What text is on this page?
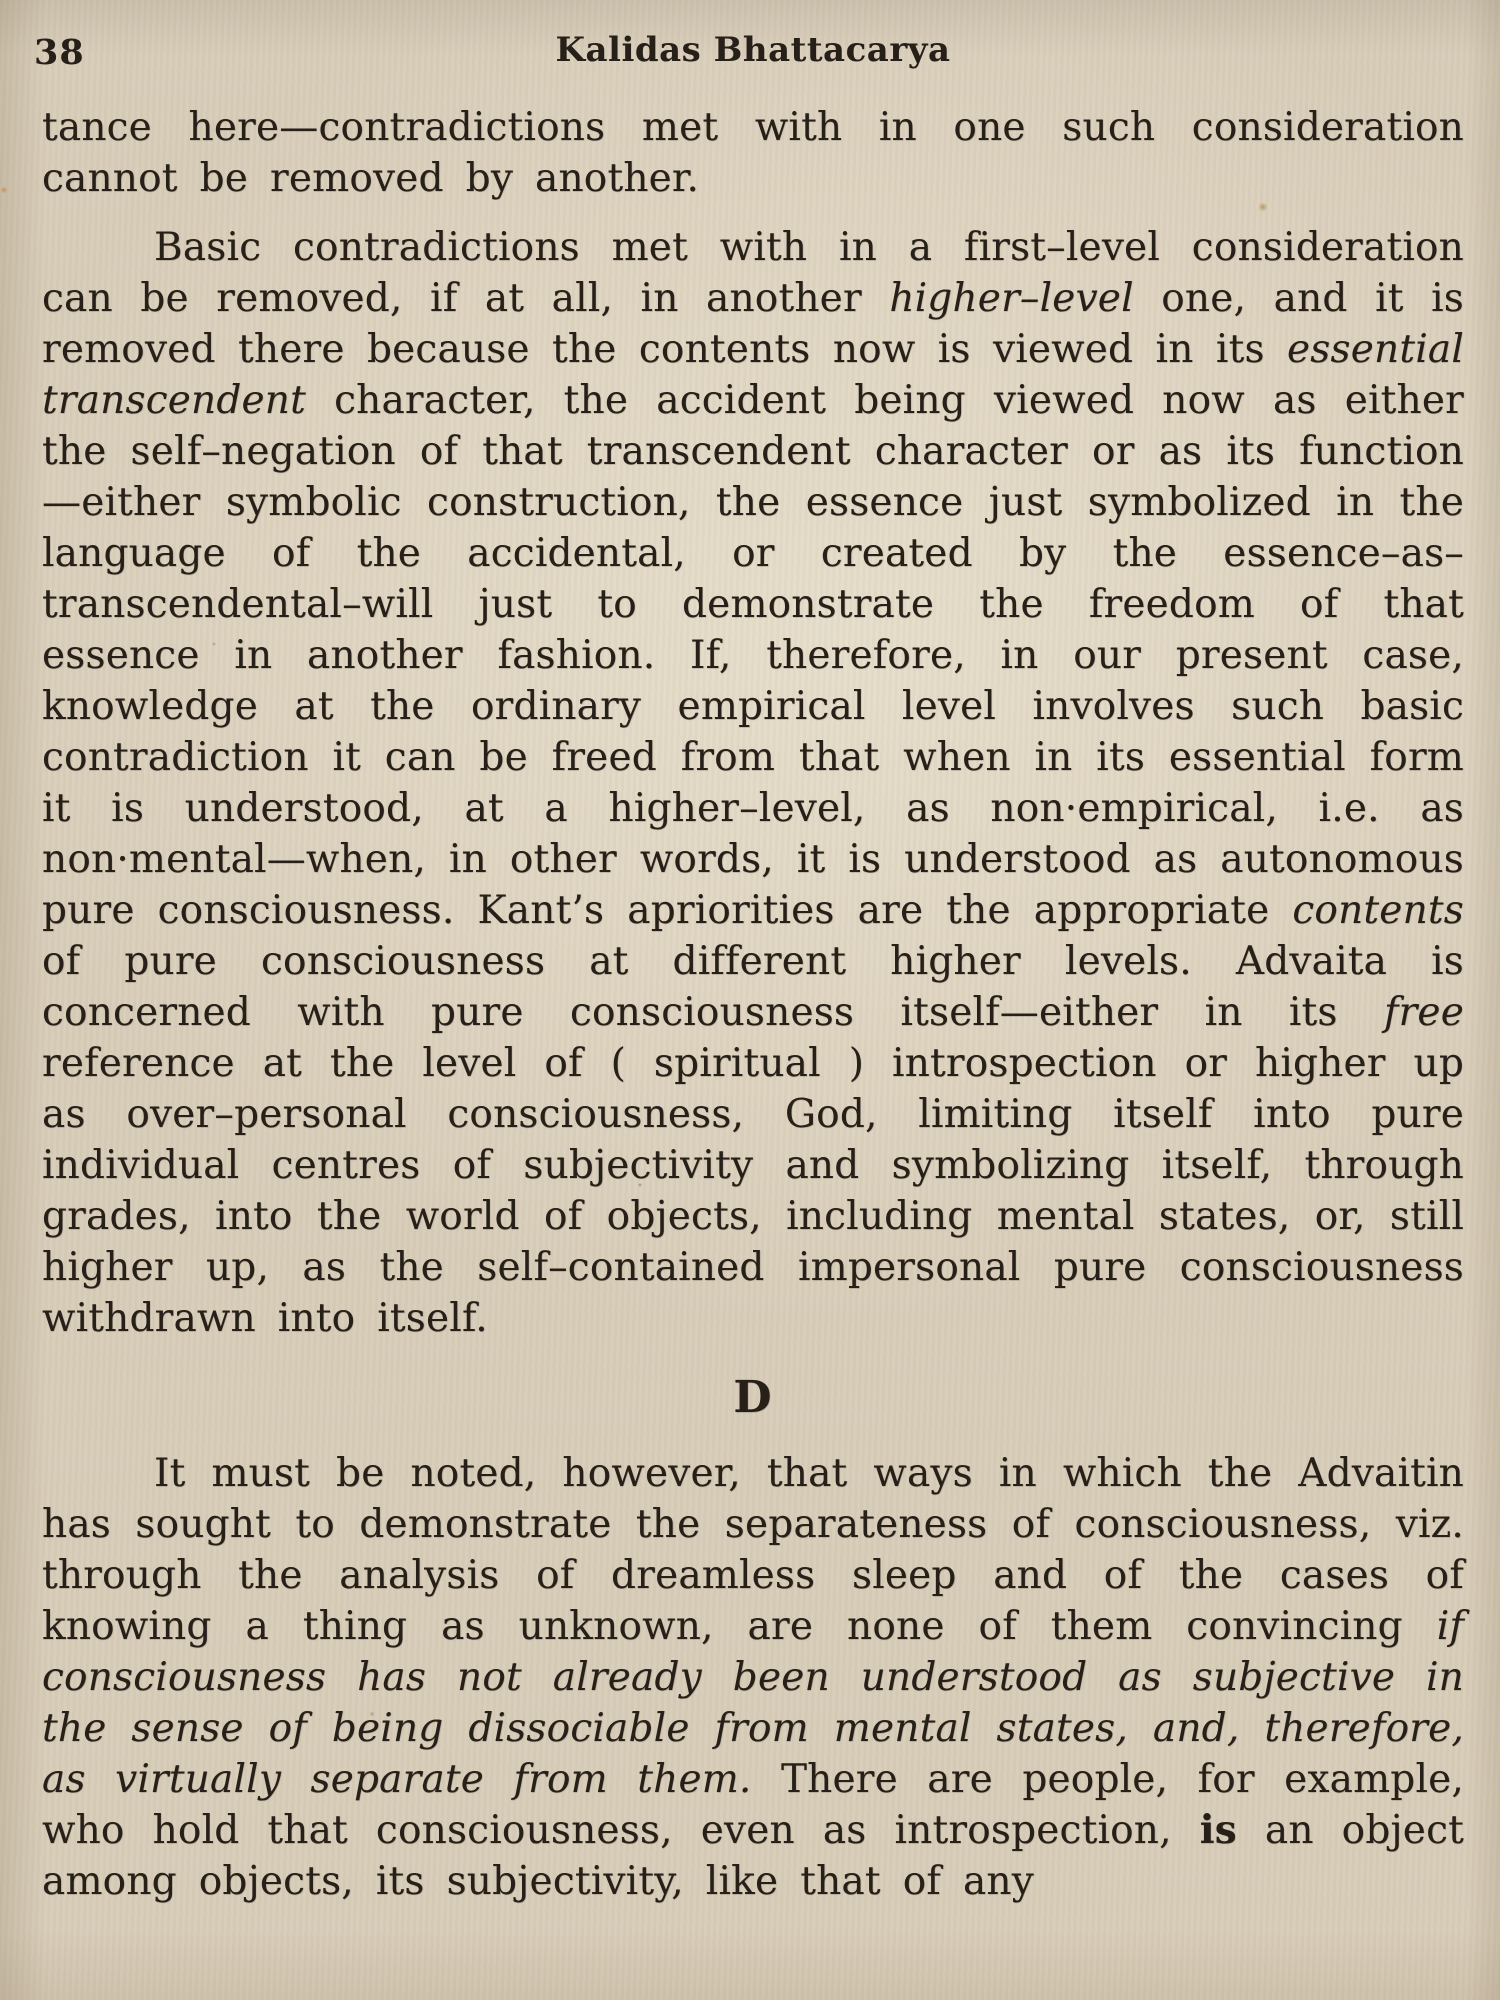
38	Kalidas Bhattacarya

tance here—contradictions met with in one such consideration cannot be removed by another.

Basic contradictions met with in a first–level consideration can be removed, if at all, in another higher–level one, and it is removed there because the contents now is viewed in its essential transcendent character, the accident being viewed now as either the self–negation of that transcendent character or as its function—either symbolic construction, the essence just symbolized in the language of the accidental, or created by the essence–as–transcendental–will just to demonstrate the freedom of that essence in another fashion. If, therefore, in our present case, knowledge at the ordinary empirical level involves such basic contradiction it can be freed from that when in its essential form it is understood, at a higher–level, as non·empirical, i.e. as non·mental—when, in other words, it is understood as autonomous pure consciousness. Kant’s apriorities are the appropriate contents of pure consciousness at different higher levels. Advaita is concerned with pure consciousness itself—either in its free reference at the level of ( spiritual ) introspection or higher up as over–personal consciousness, God, limiting itself into pure individual centres of subjectivity and symbolizing itself, through grades, into the world of objects, including mental states, or, still higher up, as the self–contained impersonal pure consciousness withdrawn into itself.

D

It must be noted, however, that ways in which the Advaitin has sought to demonstrate the separateness of consciousness, viz. through the analysis of dreamless sleep and of the cases of knowing a thing as unknown, are none of them convincing if consciousness has not already been understood as subjective in the sense of being dissociable from mental states, and, therefore, as virtually separate from them. There are people, for example, who hold that consciousness, even as introspection, is an object among objects, its subjectivity, like that of any
